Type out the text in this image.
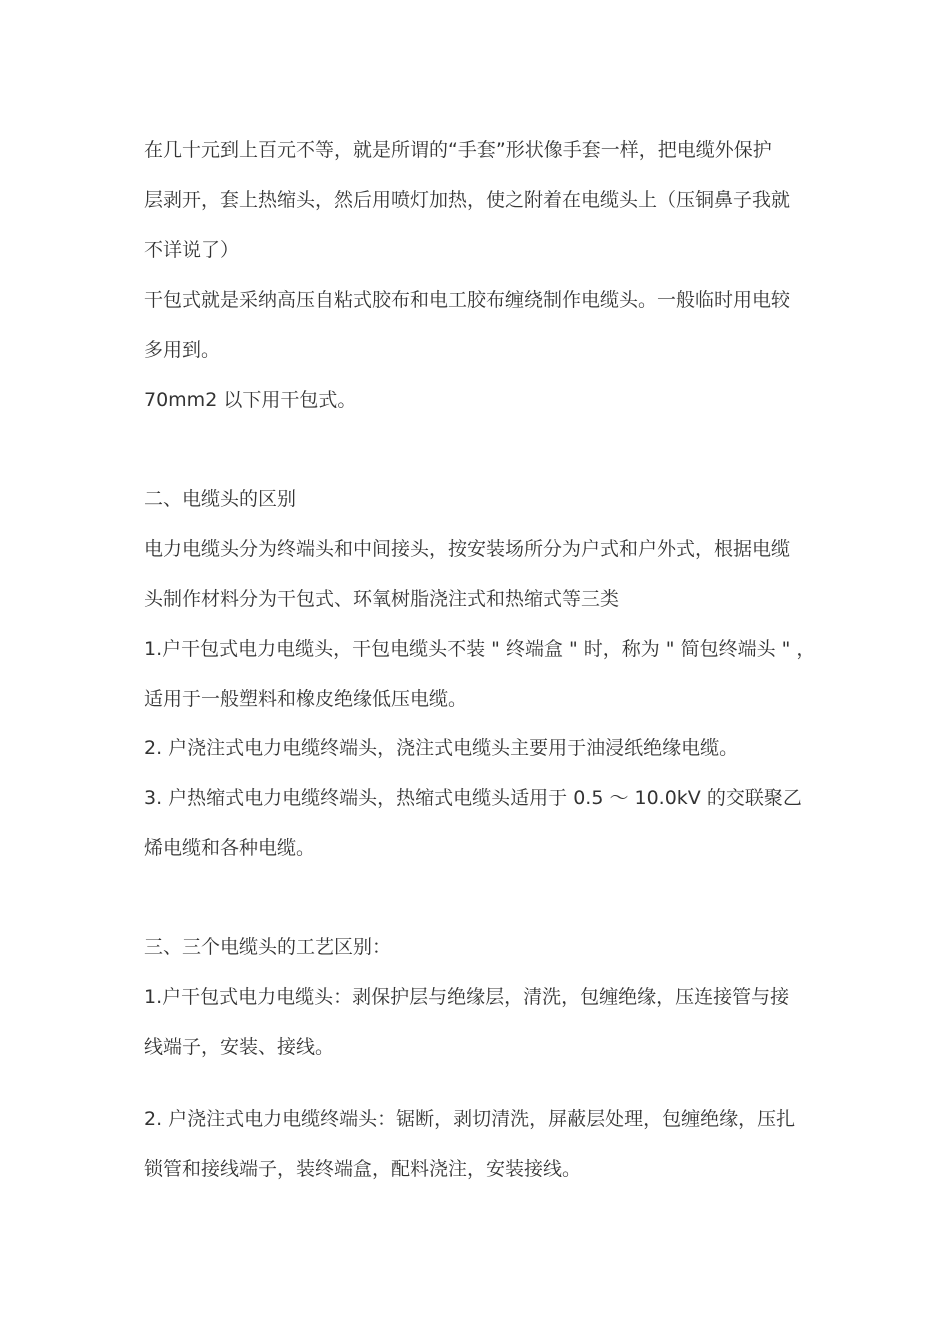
在几十元到上百元不等，就是所谓的“手套”形状像手套一样，把电缆外保护
层剥开，套上热缩头，然后用喷灯加热，使之附着在电缆头上（压铜鼻子我就
不详说了）
干包式就是采纳高压自粘式胶布和电工胶布缠绕制作电缆头。一般临时用电较
多用到。
70mm2 以下用干包式。
二、电缆头的区别
电力电缆头分为终端头和中间接头，按安装场所分为户式和户外式，根据电缆
头制作材料分为干包式、环氧树脂浇注式和热缩式等三类
1.户干包式电力电缆头，干包电缆头不装 " 终端盒 " 时，称为 " 简包终端头 " ，
适用于一般塑料和橡皮绝缘低压电缆。
2. 户浇注式电力电缆终端头，浇注式电缆头主要用于油浸纸绝缘电缆。
3. 户热缩式电力电缆终端头，热缩式电缆头适用于 0.5 ～ 10.0kV 的交联聚乙
烯电缆和各种电缆。
三、三个电缆头的工艺区别：
1.户干包式电力电缆头：剥保护层与绝缘层，清洗，包缠绝缘，压连接管与接
线端子，安装、接线。
2. 户浇注式电力电缆终端头：锯断，剥切清洗，屏蔽层处理，包缠绝缘，压扎
锁管和接线端子，装终端盒，配料浇注，安装接线。
